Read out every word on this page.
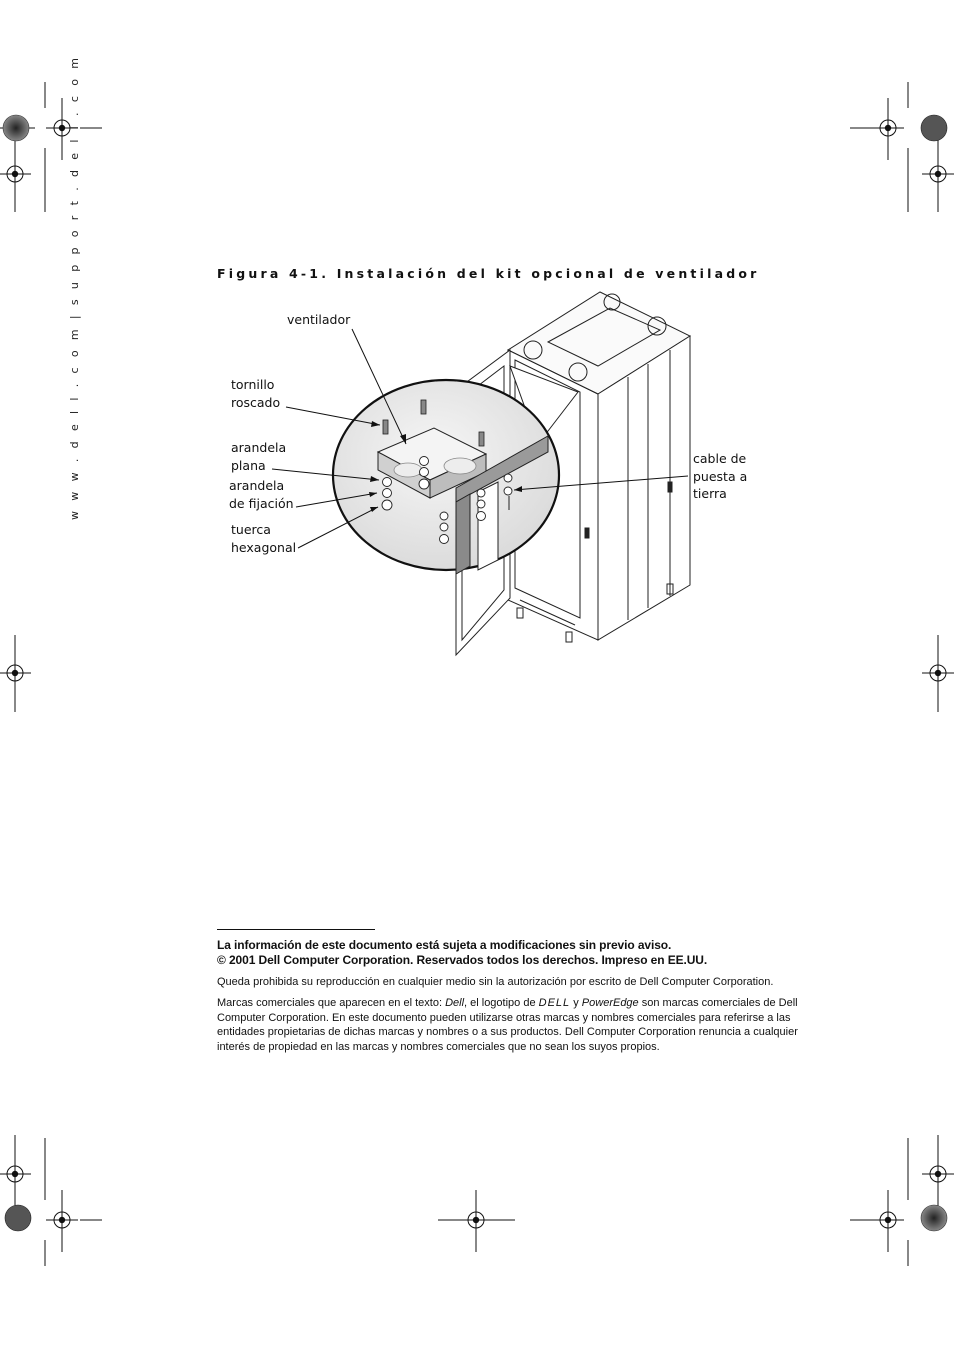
w w w . d e l l . c o m | s u p p o r t . d e l l . c o m	Figura 4-1. Instalación del kit opcional de ventilador
ventilador
tornillo
roscado
arandela
plana
arandela
de fijación
tuerca
hexagonal
cable de
puesta a
tierra
La información de este documento está sujeta a modificaciones sin previo aviso.
© 2001 Dell Computer Corporation. Reservados todos los derechos. Impreso en EE.UU.
Queda prohibida su reproducción en cualquier medio sin la autorización por escrito de Dell Computer Corporation.
Marcas comerciales que aparecen en el texto: Dell, el logotipo de DELL y PowerEdge son marcas comerciales de Dell Computer Corporation. En este documento pueden utilizarse otras marcas y nombres comerciales para referirse a las entidades propietarias de dichas marcas y nombres o a sus productos. Dell Computer Corporation renuncia a cualquier interés de propiedad en las marcas y nombres comerciales que no sean los suyos propios.
